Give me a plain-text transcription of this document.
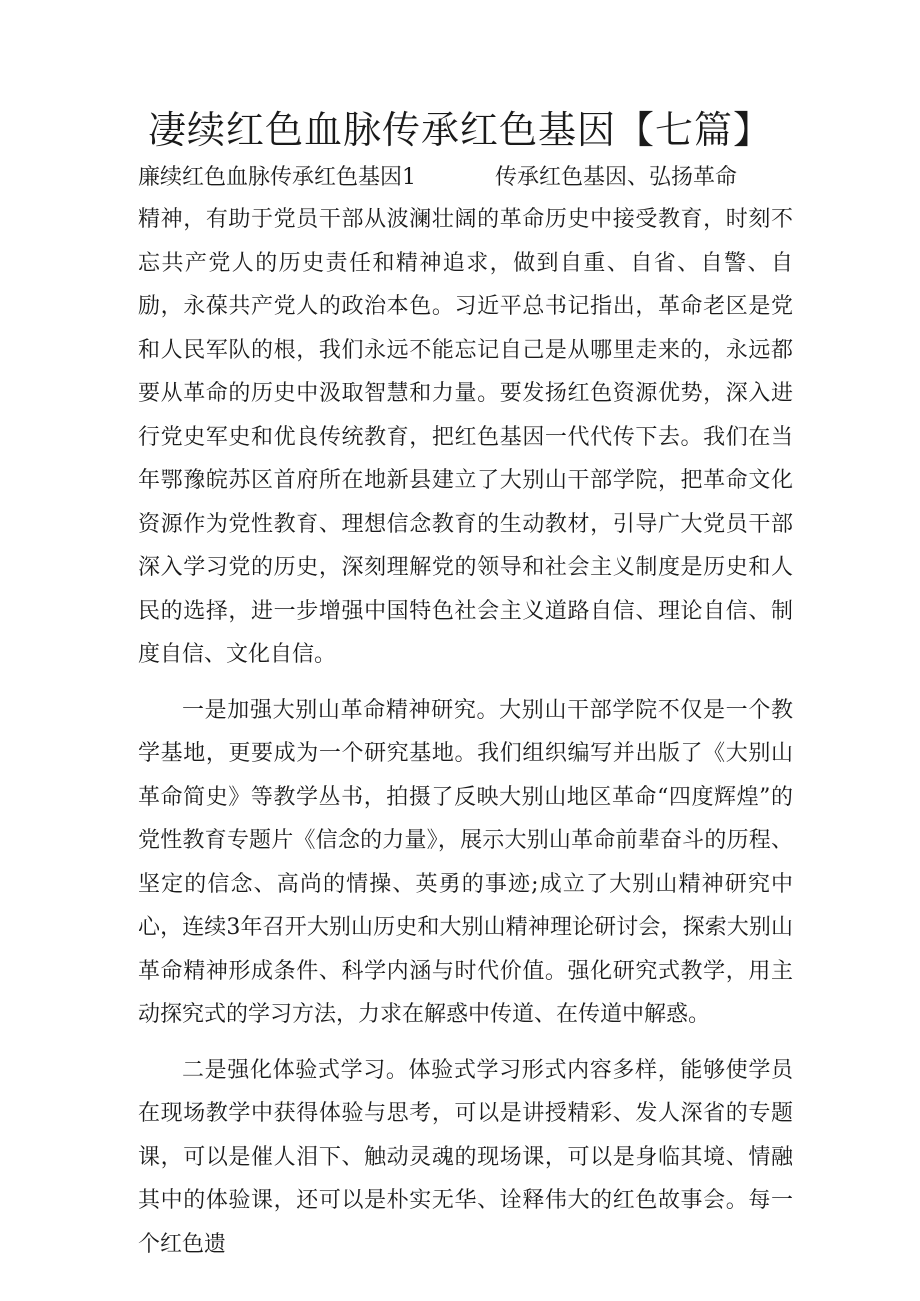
凄续红色血脉传承红色基因【七篇】
廉续红色血脉传承红色基因1	传承红色基因、弘扬革命

精神，有助于党员干部从波澜壮阔的革命历史中接受教育，时刻不忘共产党人的历史责任和精神追求，做到自重、自省、自警、自励，永葆共产党人的政治本色。习近平总书记指出，革命老区是党和人民军队的根，我们永远不能忘记自己是从哪里走来的，永远都要从革命的历史中汲取智慧和力量。要发扬红色资源优势，深入进行党史军史和优良传统教育，把红色基因一代代传下去。我们在当年鄂豫皖苏区首府所在地新县建立了大别山干部学院，把革命文化资源作为党性教育、理想信念教育的生动教材，引导广大党员干部深入学习党的历史，深刻理解党的领导和社会主义制度是历史和人民的选择，进一步增强中国特色社会主义道路自信、理论自信、制度自信、文化自信。

一是加强大别山革命精神研究。大别山干部学院不仅是一个教学基地，更要成为一个研究基地。我们组织编写并出版了《大别山革命简史》等教学丛书，拍摄了反映大别山地区革命“四度辉煌”的党性教育专题片《信念的力量》，展示大别山革命前辈奋斗的历程、坚定的信念、高尚的情操、英勇的事迹;成立了大别山精神研究中心，连续3年召开大别山历史和大别山精神理论研讨会，探索大别山革命精神形成条件、科学内涵与时代价值。强化研究式教学，用主动探究式的学习方法，力求在解惑中传道、在传道中解惑。

二是强化体验式学习。体验式学习形式内容多样，能够使学员在现场教学中获得体验与思考，可以是讲授精彩、发人深省的专题课，可以是催人泪下、触动灵魂的现场课，可以是身临其境、情融其中的体验课，还可以是朴实无华、诠释伟大的红色故事会。每一个红色遗
